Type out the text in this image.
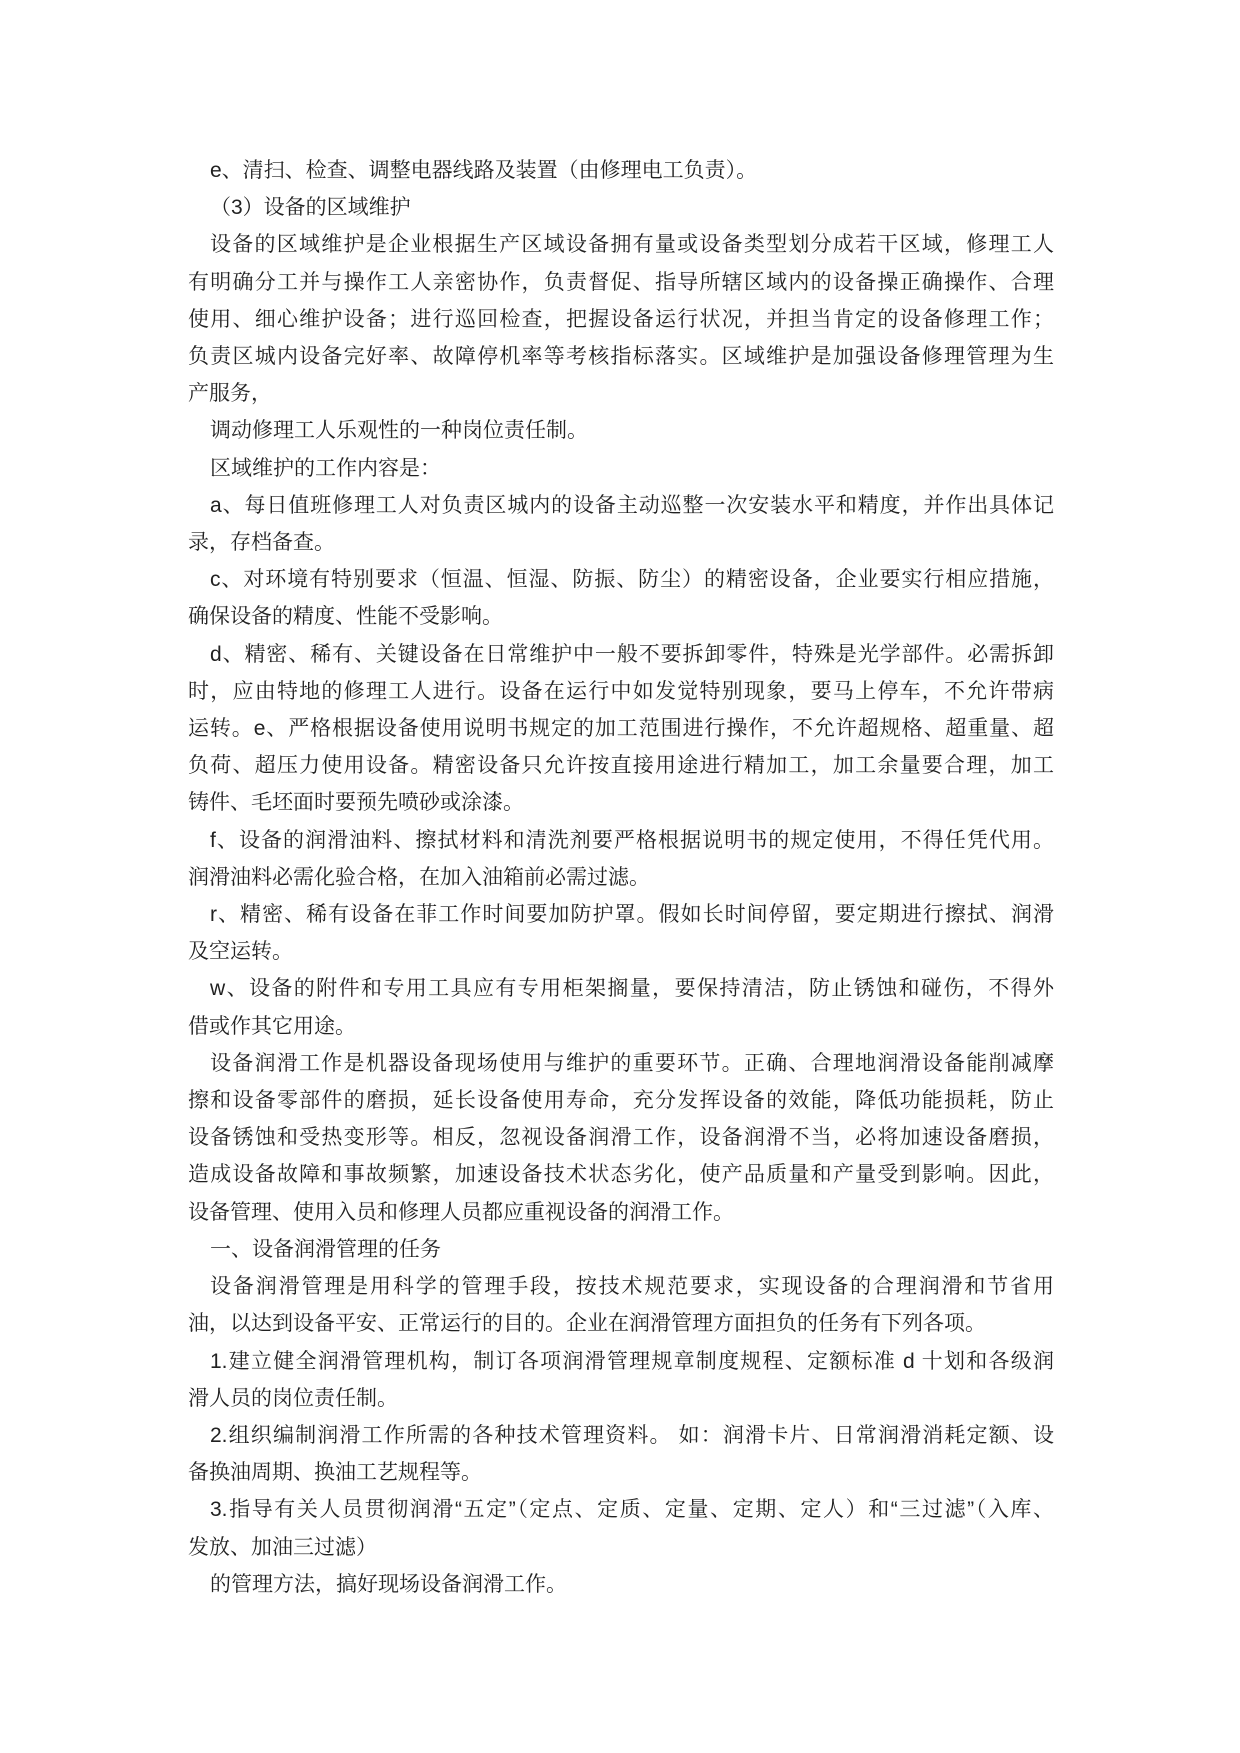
e、清扫、检查、调整电器线路及装置（由修理电工负责）。
（3）设备的区域维护
设备的区域维护是企业根据生产区域设备拥有量或设备类型划分成若干区域，修理工人
有明确分工并与操作工人亲密协作，负责督促、指导所辖区域内的设备操正确操作、合理
使用、细心维护设备；进行巡回检查，把握设备运行状况，并担当肯定的设备修理工作；
负责区城内设备完好率、故障停机率等考核指标落实。区域维护是加强设备修理管理为生
产服务，
调动修理工人乐观性的一种岗位责任制。
区域维护的工作内容是：
a、每日值班修理工人对负责区城内的设备主动巡整一次安装水平和精度，并作出具体记
录，存档备查。
c、对环境有特别要求（恒温、恒湿、防振、防尘）的精密设备，企业要实行相应措施，
确保设备的精度、性能不受影响。
d、精密、稀有、关键设备在日常维护中一般不要拆卸零件，特殊是光学部件。必需拆卸
时，应由特地的修理工人进行。设备在运行中如发觉特别现象，要马上停车，不允许带病
运转。e、严格根据设备使用说明书规定的加工范围进行操作，不允许超规格、超重量、超
负荷、超压力使用设备。精密设备只允许按直接用途进行精加工，加工余量要合理，加工
铸件、毛坯面时要预先喷砂或涂漆。
f、设备的润滑油料、擦拭材料和清洗剂要严格根据说明书的规定使用，不得任凭代用。
润滑油料必需化验合格，在加入油箱前必需过滤。
r、精密、稀有设备在菲工作时间要加防护罩。假如长时间停留，要定期进行擦拭、润滑
及空运转。
w、设备的附件和专用工具应有专用柜架搁量，要保持清洁，防止锈蚀和碰伤，不得外
借或作其它用途。
设备润滑工作是机器设备现场使用与维护的重要环节。正确、合理地润滑设备能削减摩
擦和设备零部件的磨损，延长设备使用寿命，充分发挥设备的效能，降低功能损耗，防止
设备锈蚀和受热变形等。相反，忽视设备润滑工作，设备润滑不当，必将加速设备磨损，
造成设备故障和事故频繁，加速设备技术状态劣化，使产品质量和产量受到影响。因此，
设备管理、使用入员和修理人员都应重视设备的润滑工作。
一、设备润滑管理的任务
设备润滑管理是用科学的管理手段，按技术规范要求，实现设备的合理润滑和节省用
油，以达到设备平安、正常运行的目的。企业在润滑管理方面担负的任务有下列各项。
1.建立健全润滑管理机构，制订各项润滑管理规章制度规程、定额标准 d 十划和各级润
滑人员的岗位责任制。
2.组织编制润滑工作所需的各种技术管理资料。 如：润滑卡片、日常润滑消耗定额、设
备换油周期、换油工艺规程等。
3.指导有关人员贯彻润滑“五定”（定点、定质、定量、定期、定人）和“三过滤”（入库、
发放、加油三过滤）
的管理方法，搞好现场设备润滑工作。
